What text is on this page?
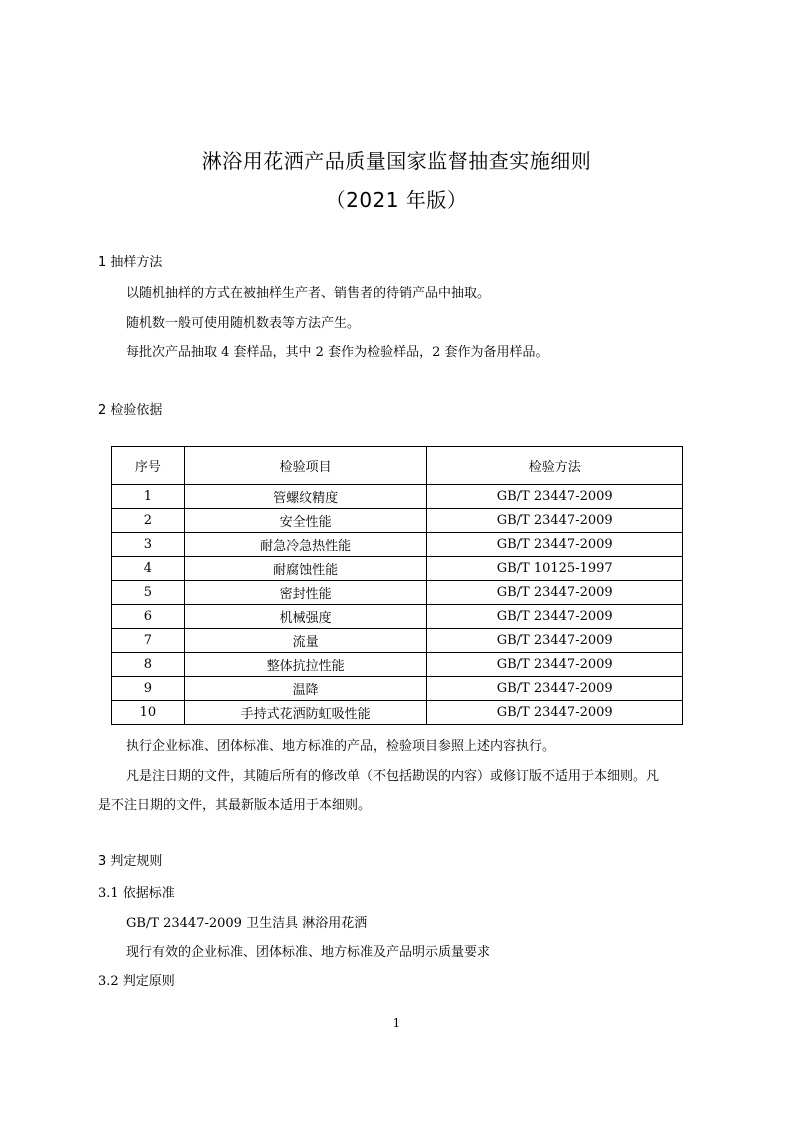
淋浴用花洒产品质量国家监督抽查实施细则
（2021 年版）
1 抽样方法
以随机抽样的方式在被抽样生产者、销售者的待销产品中抽取。
随机数一般可使用随机数表等方法产生。
每批次产品抽取 4 套样品，其中 2 套作为检验样品，2 套作为备用样品。
2 检验依据
序号	检验项目	检验方法
1	管螺纹精度	GB/T 23447-2009
2	安全性能	GB/T 23447-2009
3	耐急冷急热性能	GB/T 23447-2009
4	耐腐蚀性能	GB/T 10125-1997
5	密封性能	GB/T 23447-2009
6	机械强度	GB/T 23447-2009
7	流量	GB/T 23447-2009
8	整体抗拉性能	GB/T 23447-2009
9	温降	GB/T 23447-2009
10	手持式花洒防虹吸性能	GB/T 23447-2009
执行企业标准、团体标准、地方标准的产品，检验项目参照上述内容执行。
凡是注日期的文件，其随后所有的修改单（不包括勘误的内容）或修订版不适用于本细则。凡
是不注日期的文件，其最新版本适用于本细则。
3 判定规则
3.1 依据标准
GB/T 23447-2009 卫生洁具 淋浴用花洒
现行有效的企业标准、团体标准、地方标准及产品明示质量要求
3.2 判定原则
1
